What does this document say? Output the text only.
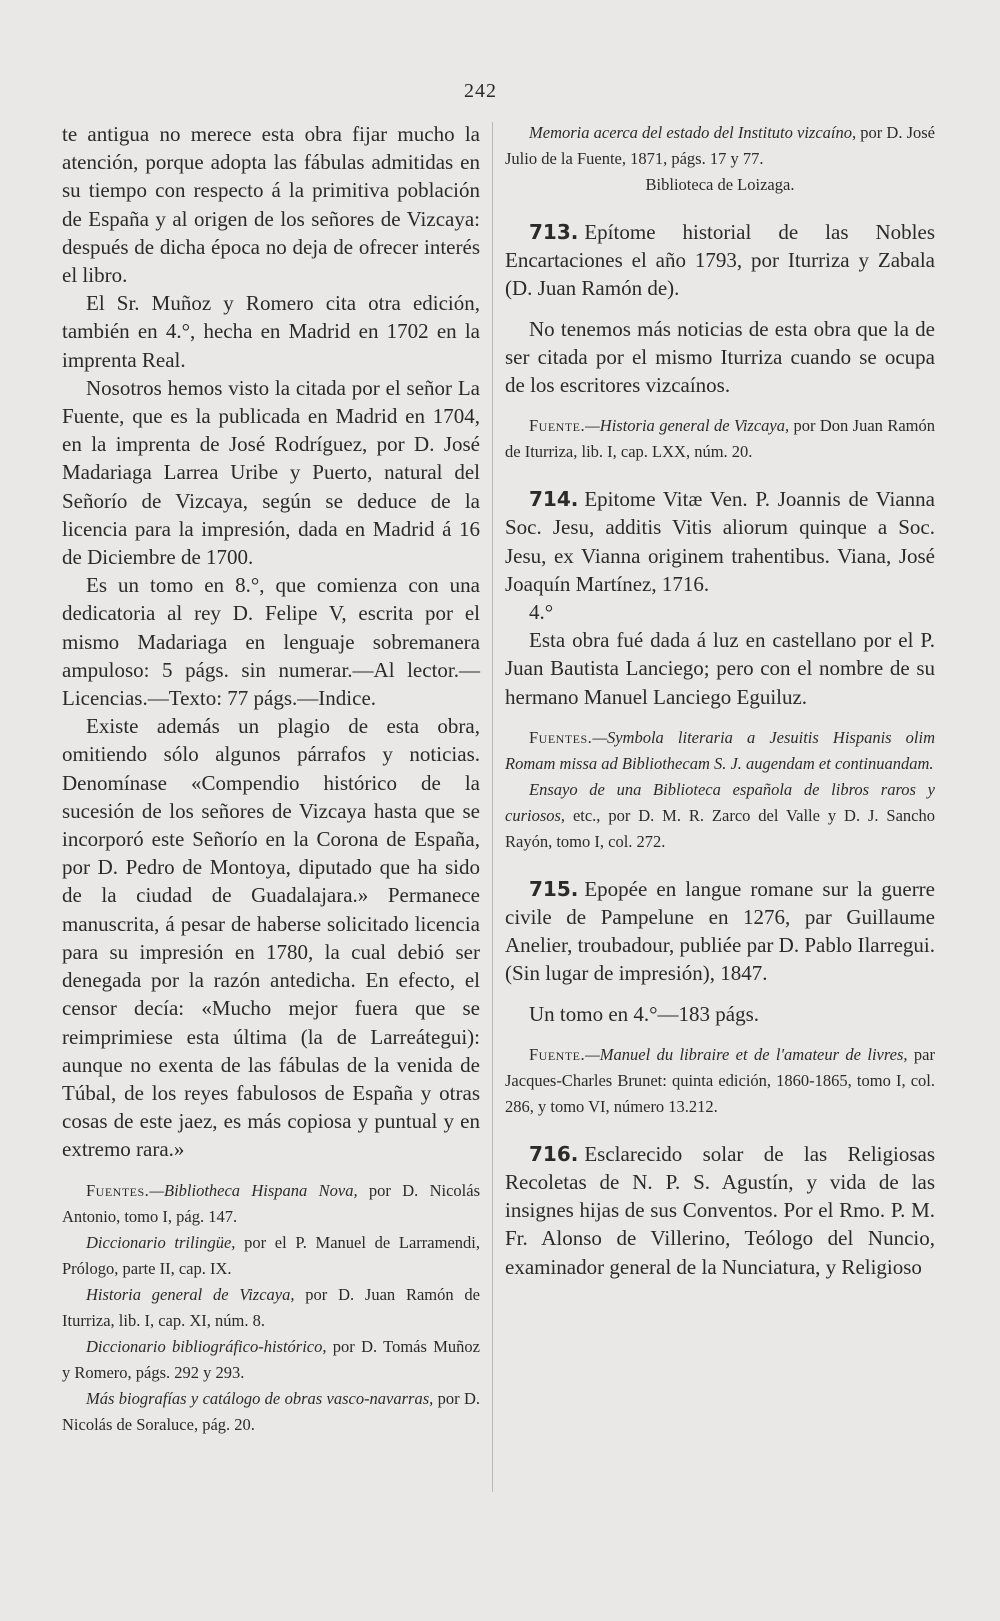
242

te antigua no merece esta obra fijar mucho la atención, porque adopta las fábulas admitidas en su tiempo con respecto á la primitiva población de España y al origen de los señores de Vizcaya: después de dicha época no deja de ofrecer interés el libro.

El Sr. Muñoz y Romero cita otra edición, también en 4.°, hecha en Madrid en 1702 en la imprenta Real.

Nosotros hemos visto la citada por el señor La Fuente, que es la publicada en Madrid en 1704, en la imprenta de José Rodríguez, por D. José Madariaga Larrea Uribe y Puerto, natural del Señorío de Vizcaya, según se deduce de la licencia para la impresión, dada en Madrid á 16 de Diciembre de 1700.

Es un tomo en 8.°, que comienza con una dedicatoria al rey D. Felipe V, escrita por el mismo Madariaga en lenguaje sobremanera ampuloso: 5 págs. sin numerar.—Al lector.—Licencias.—Texto: 77 págs.—Indice.

Existe además un plagio de esta obra, omitiendo sólo algunos párrafos y noticias. Denomínase «Compendio histórico de la sucesión de los señores de Vizcaya hasta que se incorporó este Señorío en la Corona de España, por D. Pedro de Montoya, diputado que ha sido de la ciudad de Guadalajara.» Permanece manuscrita, á pesar de haberse solicitado licencia para su impresión en 1780, la cual debió ser denegada por la razón antedicha. En efecto, el censor decía: «Mucho mejor fuera que se reimprimiese esta última (la de Larreátegui): aunque no exenta de las fábulas de la venida de Túbal, de los reyes fabulosos de España y otras cosas de este jaez, es más copiosa y puntual y en extremo rara.»

Fuentes.—Bibliotheca Hispana Nova, por D. Nicolás Antonio, tomo I, pág. 147.

Diccionario trilingüe, por el P. Manuel de Larramendi, Prólogo, parte II, cap. IX.

Historia general de Vizcaya, por D. Juan Ramón de Iturriza, lib. I, cap. XI, núm. 8.

Diccionario bibliográfico-histórico, por D. Tomás Muñoz y Romero, págs. 292 y 293.

Más biografías y catálogo de obras vasco-navarras, por D. Nicolás de Soraluce, pág. 20.

Memoria acerca del estado del Instituto vizcaíno, por D. José Julio de la Fuente, 1871, págs. 17 y 77.

Biblioteca de Loizaga.

713. Epítome historial de las Nobles Encartaciones el año 1793, por Iturriza y Zabala (D. Juan Ramón de).

No tenemos más noticias de esta obra que la de ser citada por el mismo Iturriza cuando se ocupa de los escritores vizcaínos.

Fuente.—Historia general de Vizcaya, por Don Juan Ramón de Iturriza, lib. I, cap. LXX, núm. 20.

714. Epitome Vitæ Ven. P. Joannis de Vianna Soc. Jesu, additis Vitis aliorum quinque a Soc. Jesu, ex Vianna originem trahentibus. Viana, José Joaquín Martínez, 1716.

4.°

Esta obra fué dada á luz en castellano por el P. Juan Bautista Lanciego; pero con el nombre de su hermano Manuel Lanciego Eguiluz.

Fuentes.—Symbola literaria a Jesuitis Hispanis olim Romam missa ad Bibliothecam S. J. augendam et continuandam.

Ensayo de una Biblioteca española de libros raros y curiosos, etc., por D. M. R. Zarco del Valle y D. J. Sancho Rayón, tomo I, col. 272.

715. Epopée en langue romane sur la guerre civile de Pampelune en 1276, par Guillaume Anelier, troubadour, publiée par D. Pablo Ilarregui. (Sin lugar de impresión), 1847.

Un tomo en 4.°—183 págs.

Fuente.—Manuel du libraire et de l'amateur de livres, par Jacques-Charles Brunet: quinta edición, 1860-1865, tomo I, col. 286, y tomo VI, número 13.212.

716. Esclarecido solar de las Religiosas Recoletas de N. P. S. Agustín, y vida de las insignes hijas de sus Conventos. Por el Rmo. P. M. Fr. Alonso de Villerino, Teólogo del Nuncio, examinador general de la Nunciatura, y Religioso
